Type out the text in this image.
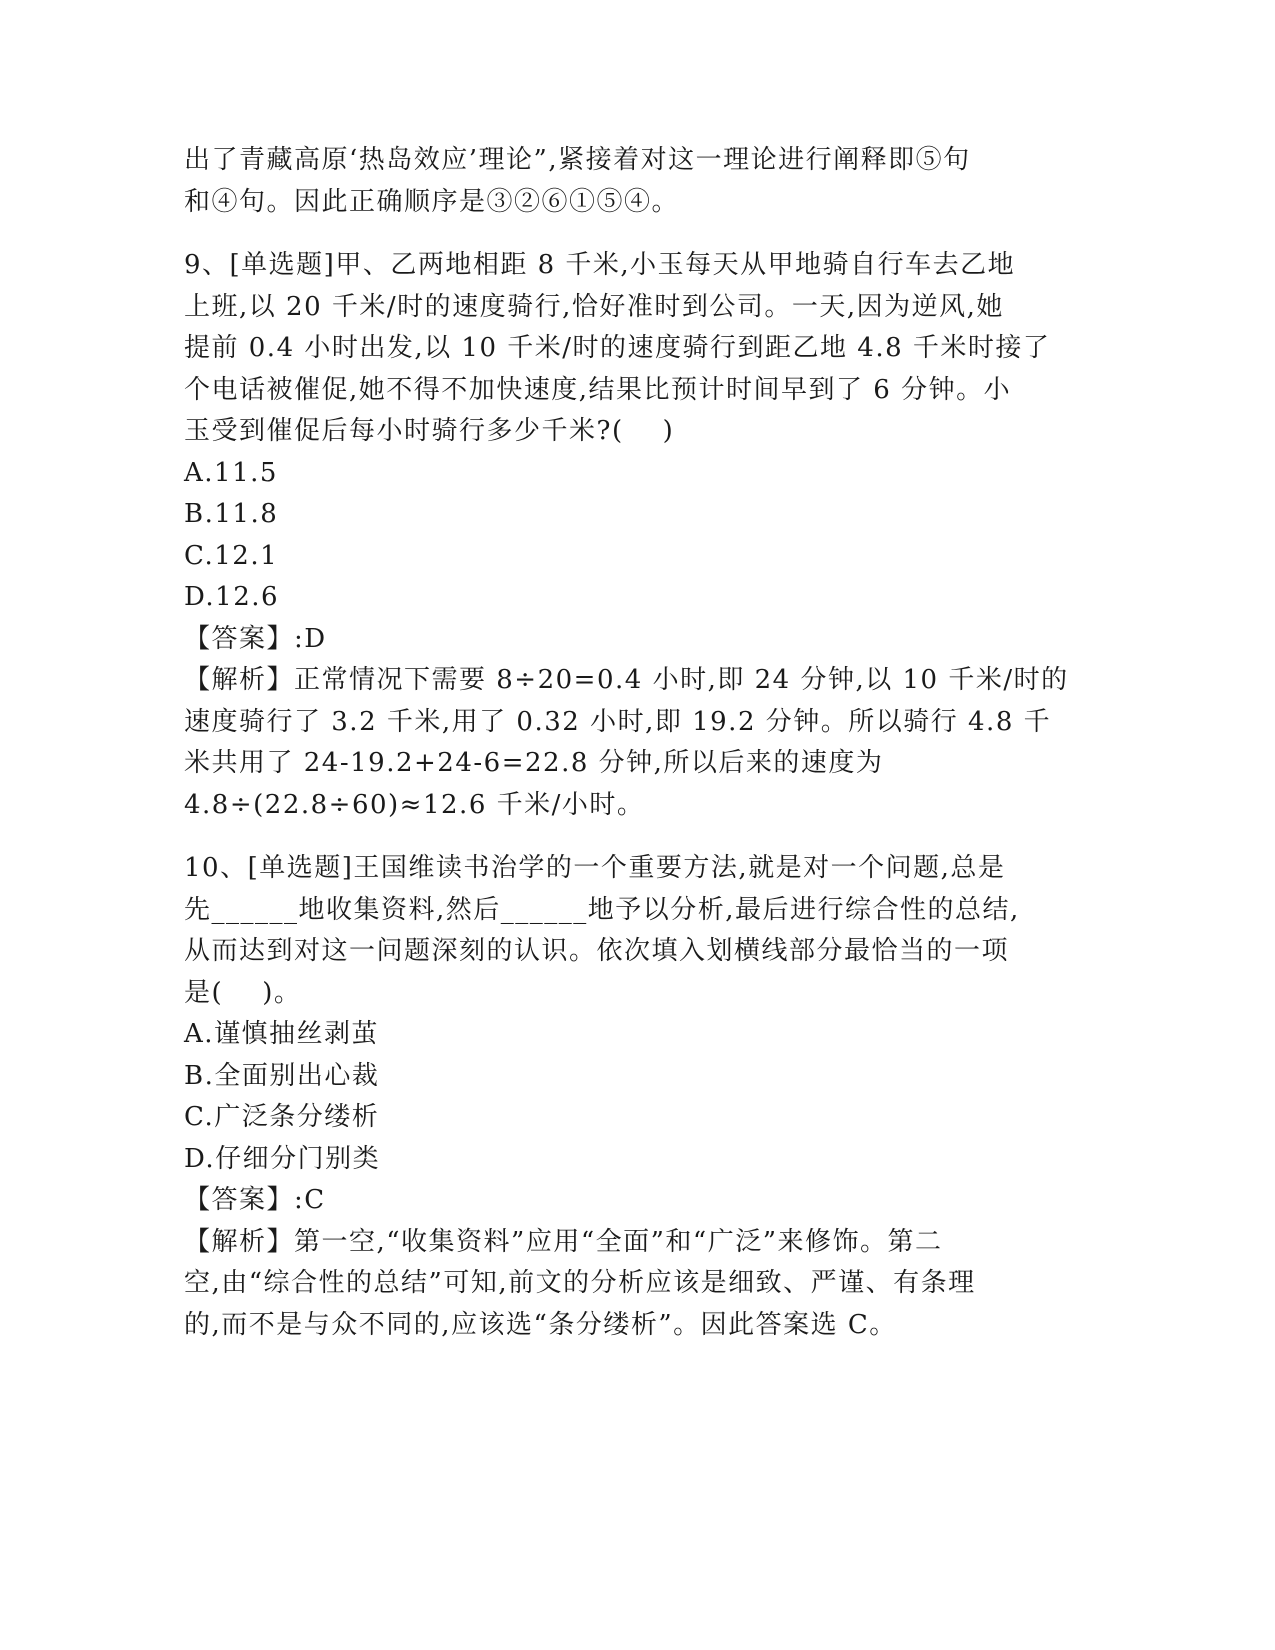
出了青藏高原‘热岛效应’理论”,紧接着对这一理论进行阐释即⑤句
和④句。因此正确顺序是③②⑥①⑤④。
9、[单选题]甲、乙两地相距 8 千米,小玉每天从甲地骑自行车去乙地
上班,以 20 千米/时的速度骑行,恰好准时到公司。一天,因为逆风,她
提前 0.4 小时出发,以 10 千米/时的速度骑行到距乙地 4.8 千米时接了
个电话被催促,她不得不加快速度,结果比预计时间早到了 6 分钟。小
玉受到催促后每小时骑行多少千米?(    )
A.11.5
B.11.8
C.12.1
D.12.6
【答案】:D
【解析】正常情况下需要 8÷20=0.4 小时,即 24 分钟,以 10 千米/时的
速度骑行了 3.2 千米,用了 0.32 小时,即 19.2 分钟。所以骑行 4.8 千
米共用了 24-19.2+24-6=22.8 分钟,所以后来的速度为
4.8÷(22.8÷60)≈12.6 千米/小时。
10、[单选题]王国维读书治学的一个重要方法,就是对一个问题,总是
先______地收集资料,然后______地予以分析,最后进行综合性的总结,
从而达到对这一问题深刻的认识。依次填入划横线部分最恰当的一项
是(    )。
A.谨慎抽丝剥茧
B.全面别出心裁
C.广泛条分缕析
D.仔细分门别类
【答案】:C
【解析】第一空,“收集资料”应用“全面”和“广泛”来修饰。第二
空,由“综合性的总结”可知,前文的分析应该是细致、严谨、有条理
的,而不是与众不同的,应该选“条分缕析”。因此答案选 C。
